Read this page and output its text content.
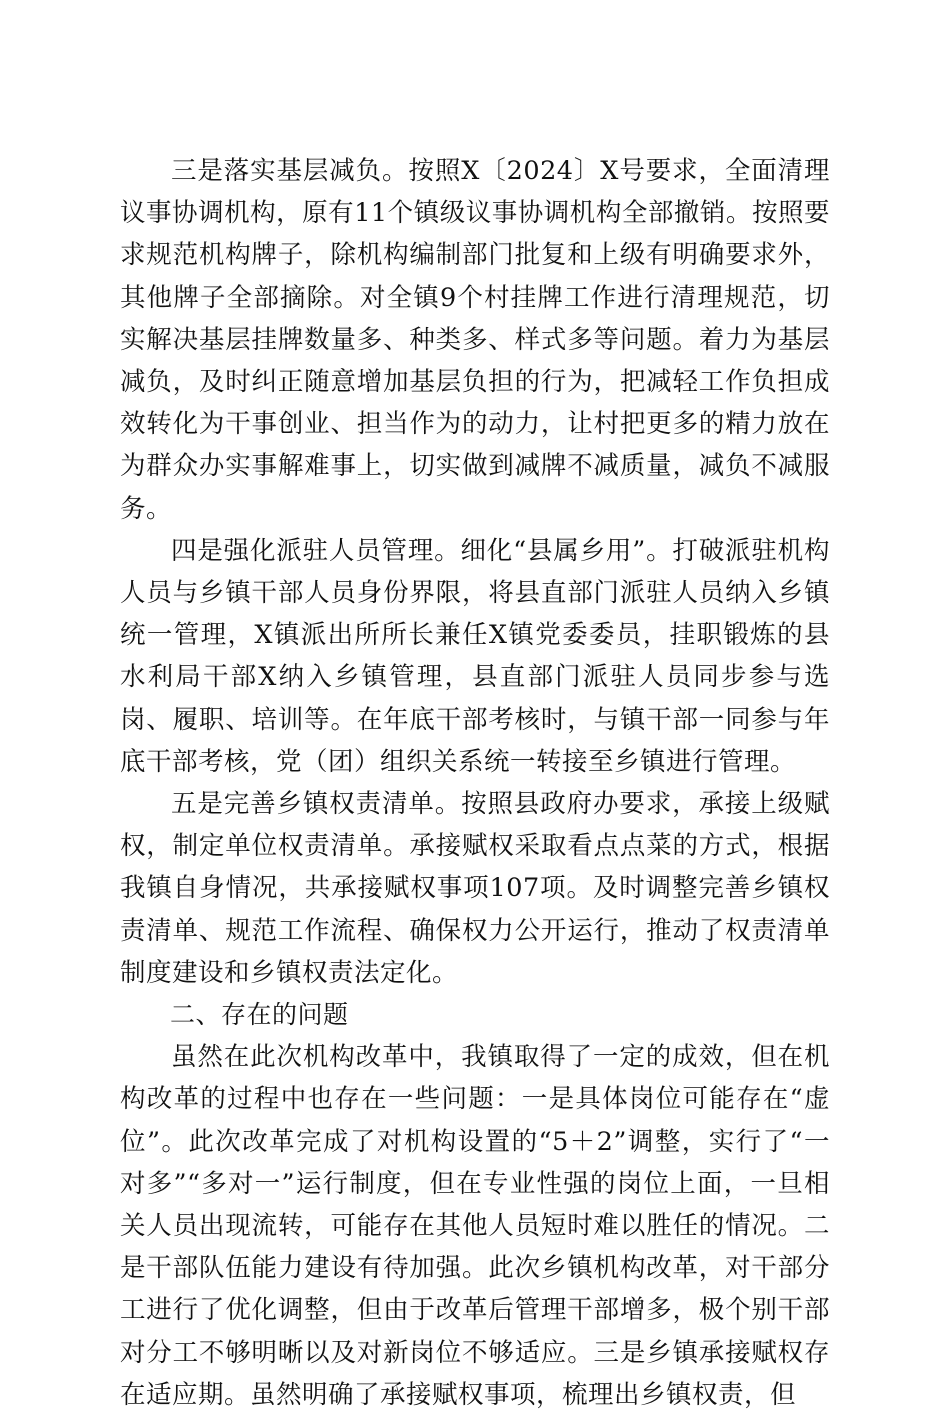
三是落实基层减负。按照X〔2024〕X号要求，全面清理议事协调机构，原有11个镇级议事协调机构全部撤销。按照要求规范机构牌子，除机构编制部门批复和上级有明确要求外，其他牌子全部摘除。对全镇9个村挂牌工作进行清理规范，切实解决基层挂牌数量多、种类多、样式多等问题。着力为基层减负，及时纠正随意增加基层负担的行为，把减轻工作负担成效转化为干事创业、担当作为的动力，让村把更多的精力放在为群众办实事解难事上，切实做到减牌不减质量，减负不减服务。

四是强化派驻人员管理。细化“县属乡用”。打破派驻机构人员与乡镇干部人员身份界限，将县直部门派驻人员纳入乡镇统一管理，X镇派出所所长兼任X镇党委委员，挂职锻炼的县水利局干部X纳入乡镇管理，县直部门派驻人员同步参与选岗、履职、培训等。在年底干部考核时，与镇干部一同参与年底干部考核，党（团）组织关系统一转接至乡镇进行管理。

五是完善乡镇权责清单。按照县政府办要求，承接上级赋权，制定单位权责清单。承接赋权采取看点点菜的方式，根据我镇自身情况，共承接赋权事项107项。及时调整完善乡镇权责清单、规范工作流程、确保权力公开运行，推动了权责清单制度建设和乡镇权责法定化。

二、存在的问题

虽然在此次机构改革中，我镇取得了一定的成效，但在机构改革的过程中也存在一些问题：一是具体岗位可能存在“虚位”。此次改革完成了对机构设置的“5＋2”调整，实行了“一对多”“多对一”运行制度，但在专业性强的岗位上面，一旦相关人员出现流转，可能存在其他人员短时难以胜任的情况。二是干部队伍能力建设有待加强。此次乡镇机构改革，对干部分工进行了优化调整，但由于改革后管理干部增多，极个别干部对分工不够明晰以及对新岗位不够适应。三是乡镇承接赋权存在适应期。虽然明确了承接赋权事项，梳理出乡镇权责，但
